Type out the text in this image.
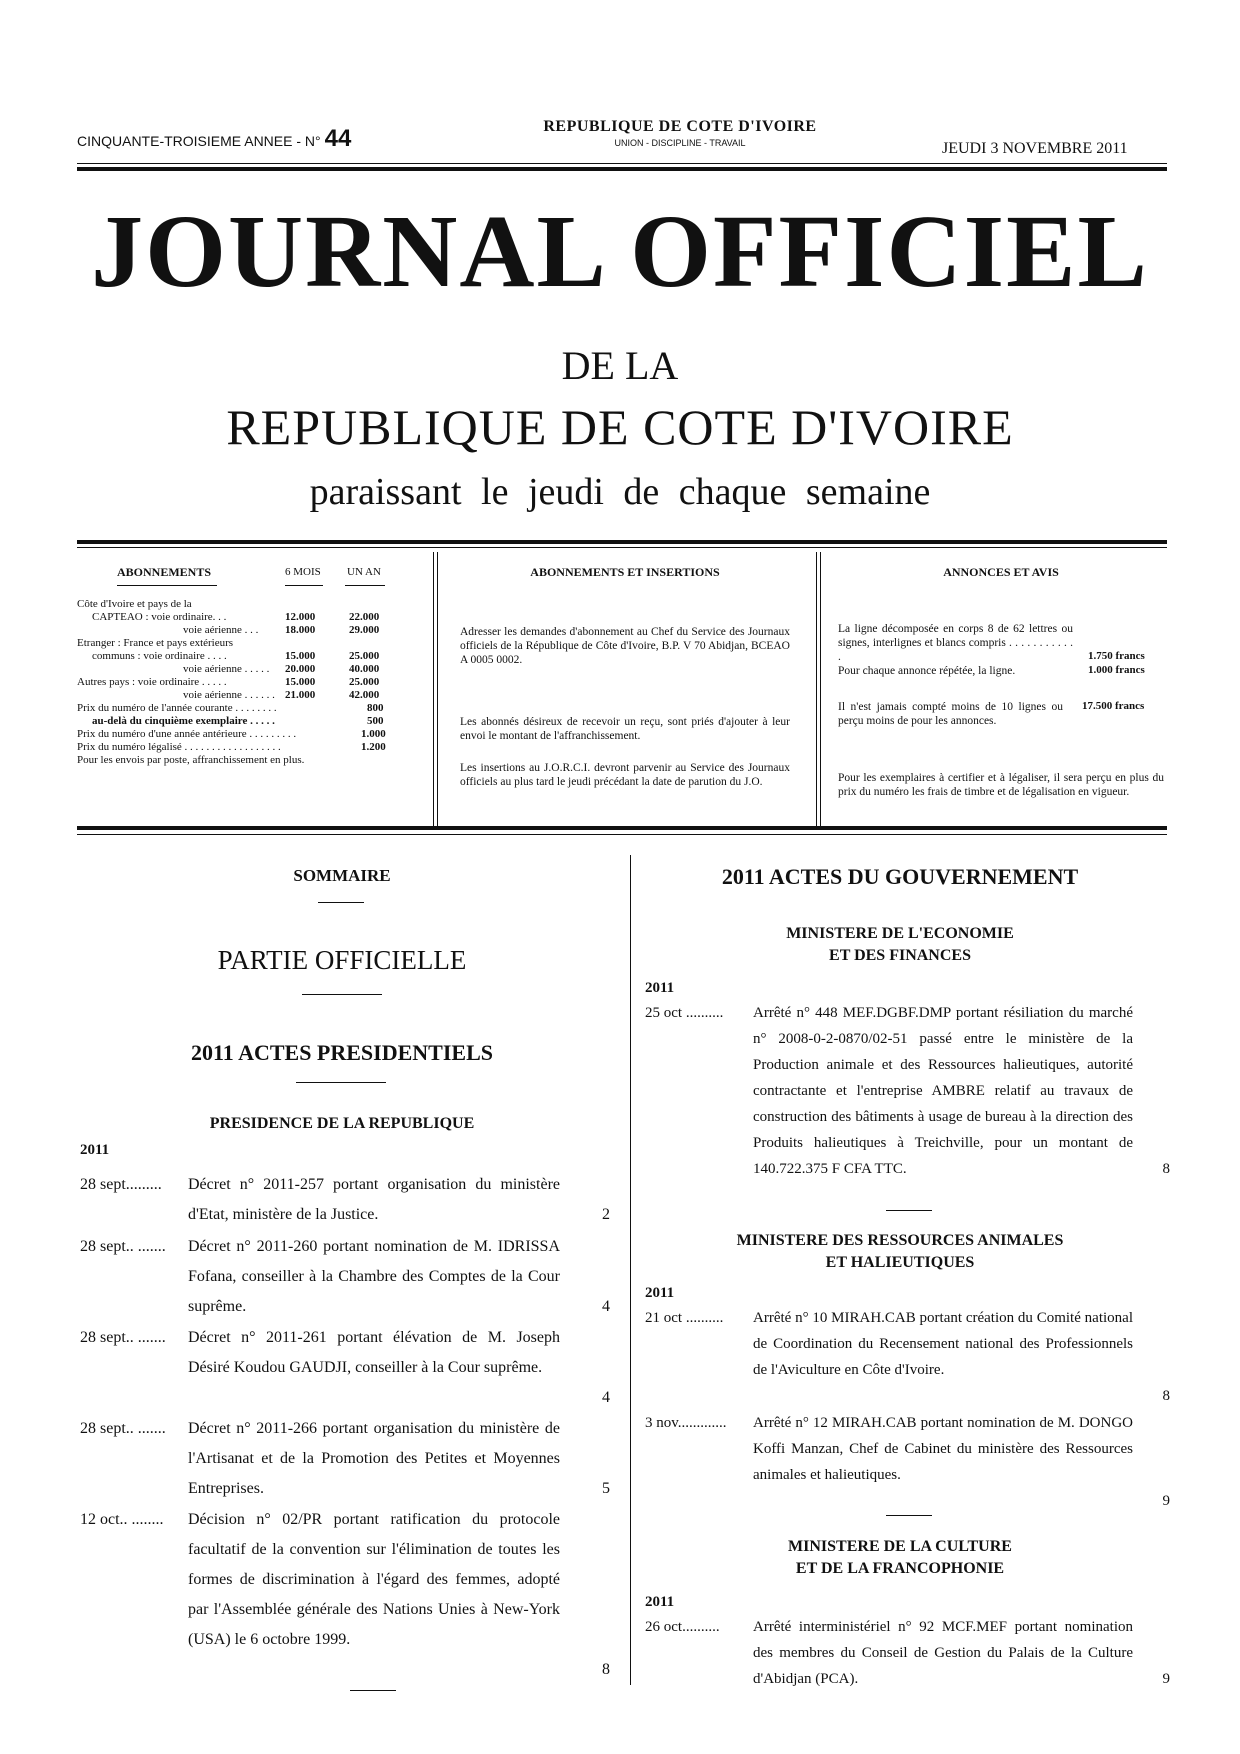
CINQUANTE-TROISIEME ANNEE - N° 44	REPUBLIQUE DE COTE D'IVOIRE
UNION - DISCIPLINE - TRAVAIL	JEUDI 3 NOVEMBRE 2011
JOURNAL OFFICIEL
DE LA
REPUBLIQUE DE COTE D'IVOIRE
paraissant le jeudi de chaque semaine
ABONNEMENTS	6 MOIS UN AN
Côte d'Ivoire et pays de la
CAPTEAO : voie ordinaire. . .	12.000	22.000
voie aérienne . . . 18.000	29.000
Etranger : France et pays extérieurs
communs : voie ordinaire . . . .	15.000	25.000
voie aérienne . . . . . 20.000	40.000
Autres pays : voie ordinaire . . . . .	15.000	25.000
voie aérienne . . . . . . 21.000	42.000
Prix du numéro de l'année courante . . . . . . . .	800
au-delà du cinquième exemplaire . . . . .	500
Prix du numéro d'une année antérieure . . . . . . . . .	1.000
Prix du numéro légalisé . . . . . . . . . . . . . . . . . .	1.200
Pour les envois par poste, affranchissement en plus.
ABONNEMENTS ET INSERTIONS
Adresser les demandes d'abonnement au Chef du Service des Journaux officiels de la République de Côte d'Ivoire, B.P. V 70 Abidjan, BCEAO A 0005 0002.
Les abonnés désireux de recevoir un reçu, sont priés d'ajouter à leur envoi le montant de l'affranchissement.
Les insertions au J.O.R.C.I. devront parvenir au Service des Journaux officiels au plus tard le jeudi précédant la date de parution du J.O.
ANNONCES ET AVIS
La ligne décomposée en corps 8 de 62 lettres ou signes, interlignes et blancs compris . . . . . . . . . . . .	1.750 francs
Pour chaque annonce répétée, la ligne.	1.000 francs
Il n'est jamais compté moins de 10 lignes ou perçu moins de pour les annonces.
17.500 francs
Pour les exemplaires à certifier et à légaliser, il sera perçu en plus du prix du numéro les frais de timbre et de légalisation en vigueur.
SOMMAIRE
PARTIE OFFICIELLE
2011 ACTES PRESIDENTIELS
PRESIDENCE DE LA REPUBLIQUE
2011
28 sept......... Décret n° 2011-257 portant organisation du ministère d'Etat, ministère de la Justice.	2
28 sept.. ....... Décret n° 2011-260 portant nomination de M. IDRISSA Fofana, conseiller à la Chambre des Comptes de la Cour suprême.	4
28 sept.. ....... Décret n° 2011-261 portant élévation de M. Joseph Désiré Koudou GAUDJI, conseiller à la Cour suprême.
4
28 sept.. ....... Décret n° 2011-266 portant organisation du ministère de l'Artisanat et de la Promotion des Petites et Moyennes Entreprises.	5
12 oct.. ........ Décision n° 02/PR portant ratification du protocole facultatif de la convention sur l'élimination de toutes les formes de discrimination à l'égard des femmes, adopté par l'Assemblée générale des Nations Unies à New-York (USA) le 6 octobre 1999.
8
2011 ACTES DU GOUVERNEMENT
MINISTERE DE L'ECONOMIE
ET DES FINANCES
2011
25 oct .......... Arrêté n° 448 MEF.DGBF.DMP portant résiliation du marché n° 2008-0-2-0870/02-51 passé entre le ministère de la Production animale et des Ressources halieutiques, autorité contractante et l'entreprise AMBRE relatif au travaux de construction des bâtiments à usage de bureau à la direction des Produits halieutiques à Treichville, pour un montant de 140.722.375 F CFA TTC.	8
MINISTERE DES RESSOURCES ANIMALES
ET HALIEUTIQUES
2011
21 oct .......... Arrêté n° 10 MIRAH.CAB portant création du Comité national de Coordination du Recensement national des Professionnels de l'Aviculture en Côte d'Ivoire.
8
3 nov............. Arrêté n° 12 MIRAH.CAB portant nomination de M. DONGO Koffi Manzan, Chef de Cabinet du ministère des Ressources animales et halieutiques.
9
MINISTERE DE LA CULTURE
ET DE LA FRANCOPHONIE
2011
26 oct.......... Arrêté interministériel n° 92 MCF.MEF portant nomination des membres du Conseil de Gestion du Palais de la Culture d'Abidjan (PCA).	9
